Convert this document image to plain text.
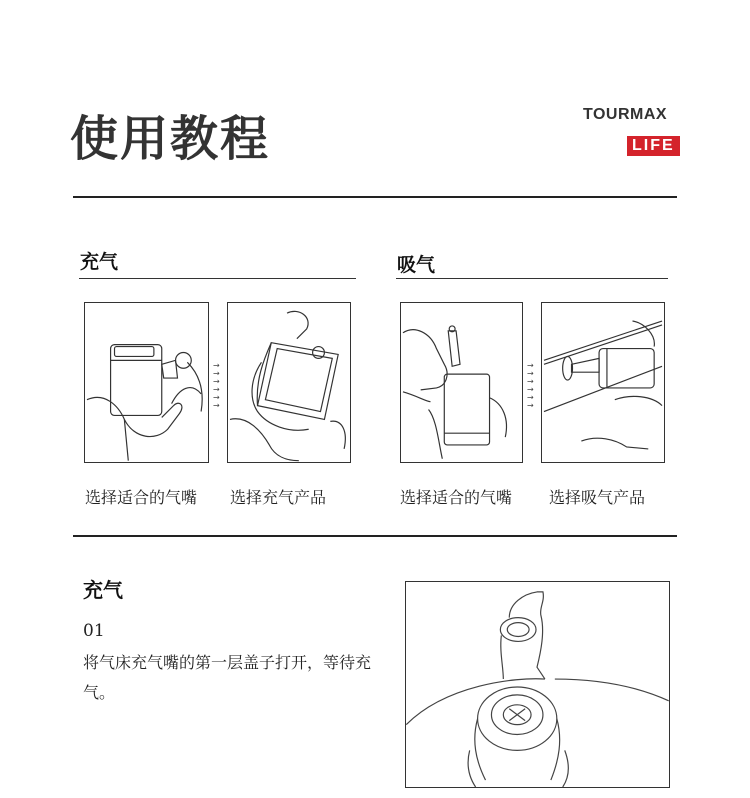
使用教程	TOURMAX
LIFE
充气
→
→
→
→
→
→
选择适合的气嘴 选择充气产品
吸气
→
→
→
→
→
→
选择适合的气嘴 选择吸气产品
充气
01
将气床充气嘴的第一层盖子打开，等待充气。
